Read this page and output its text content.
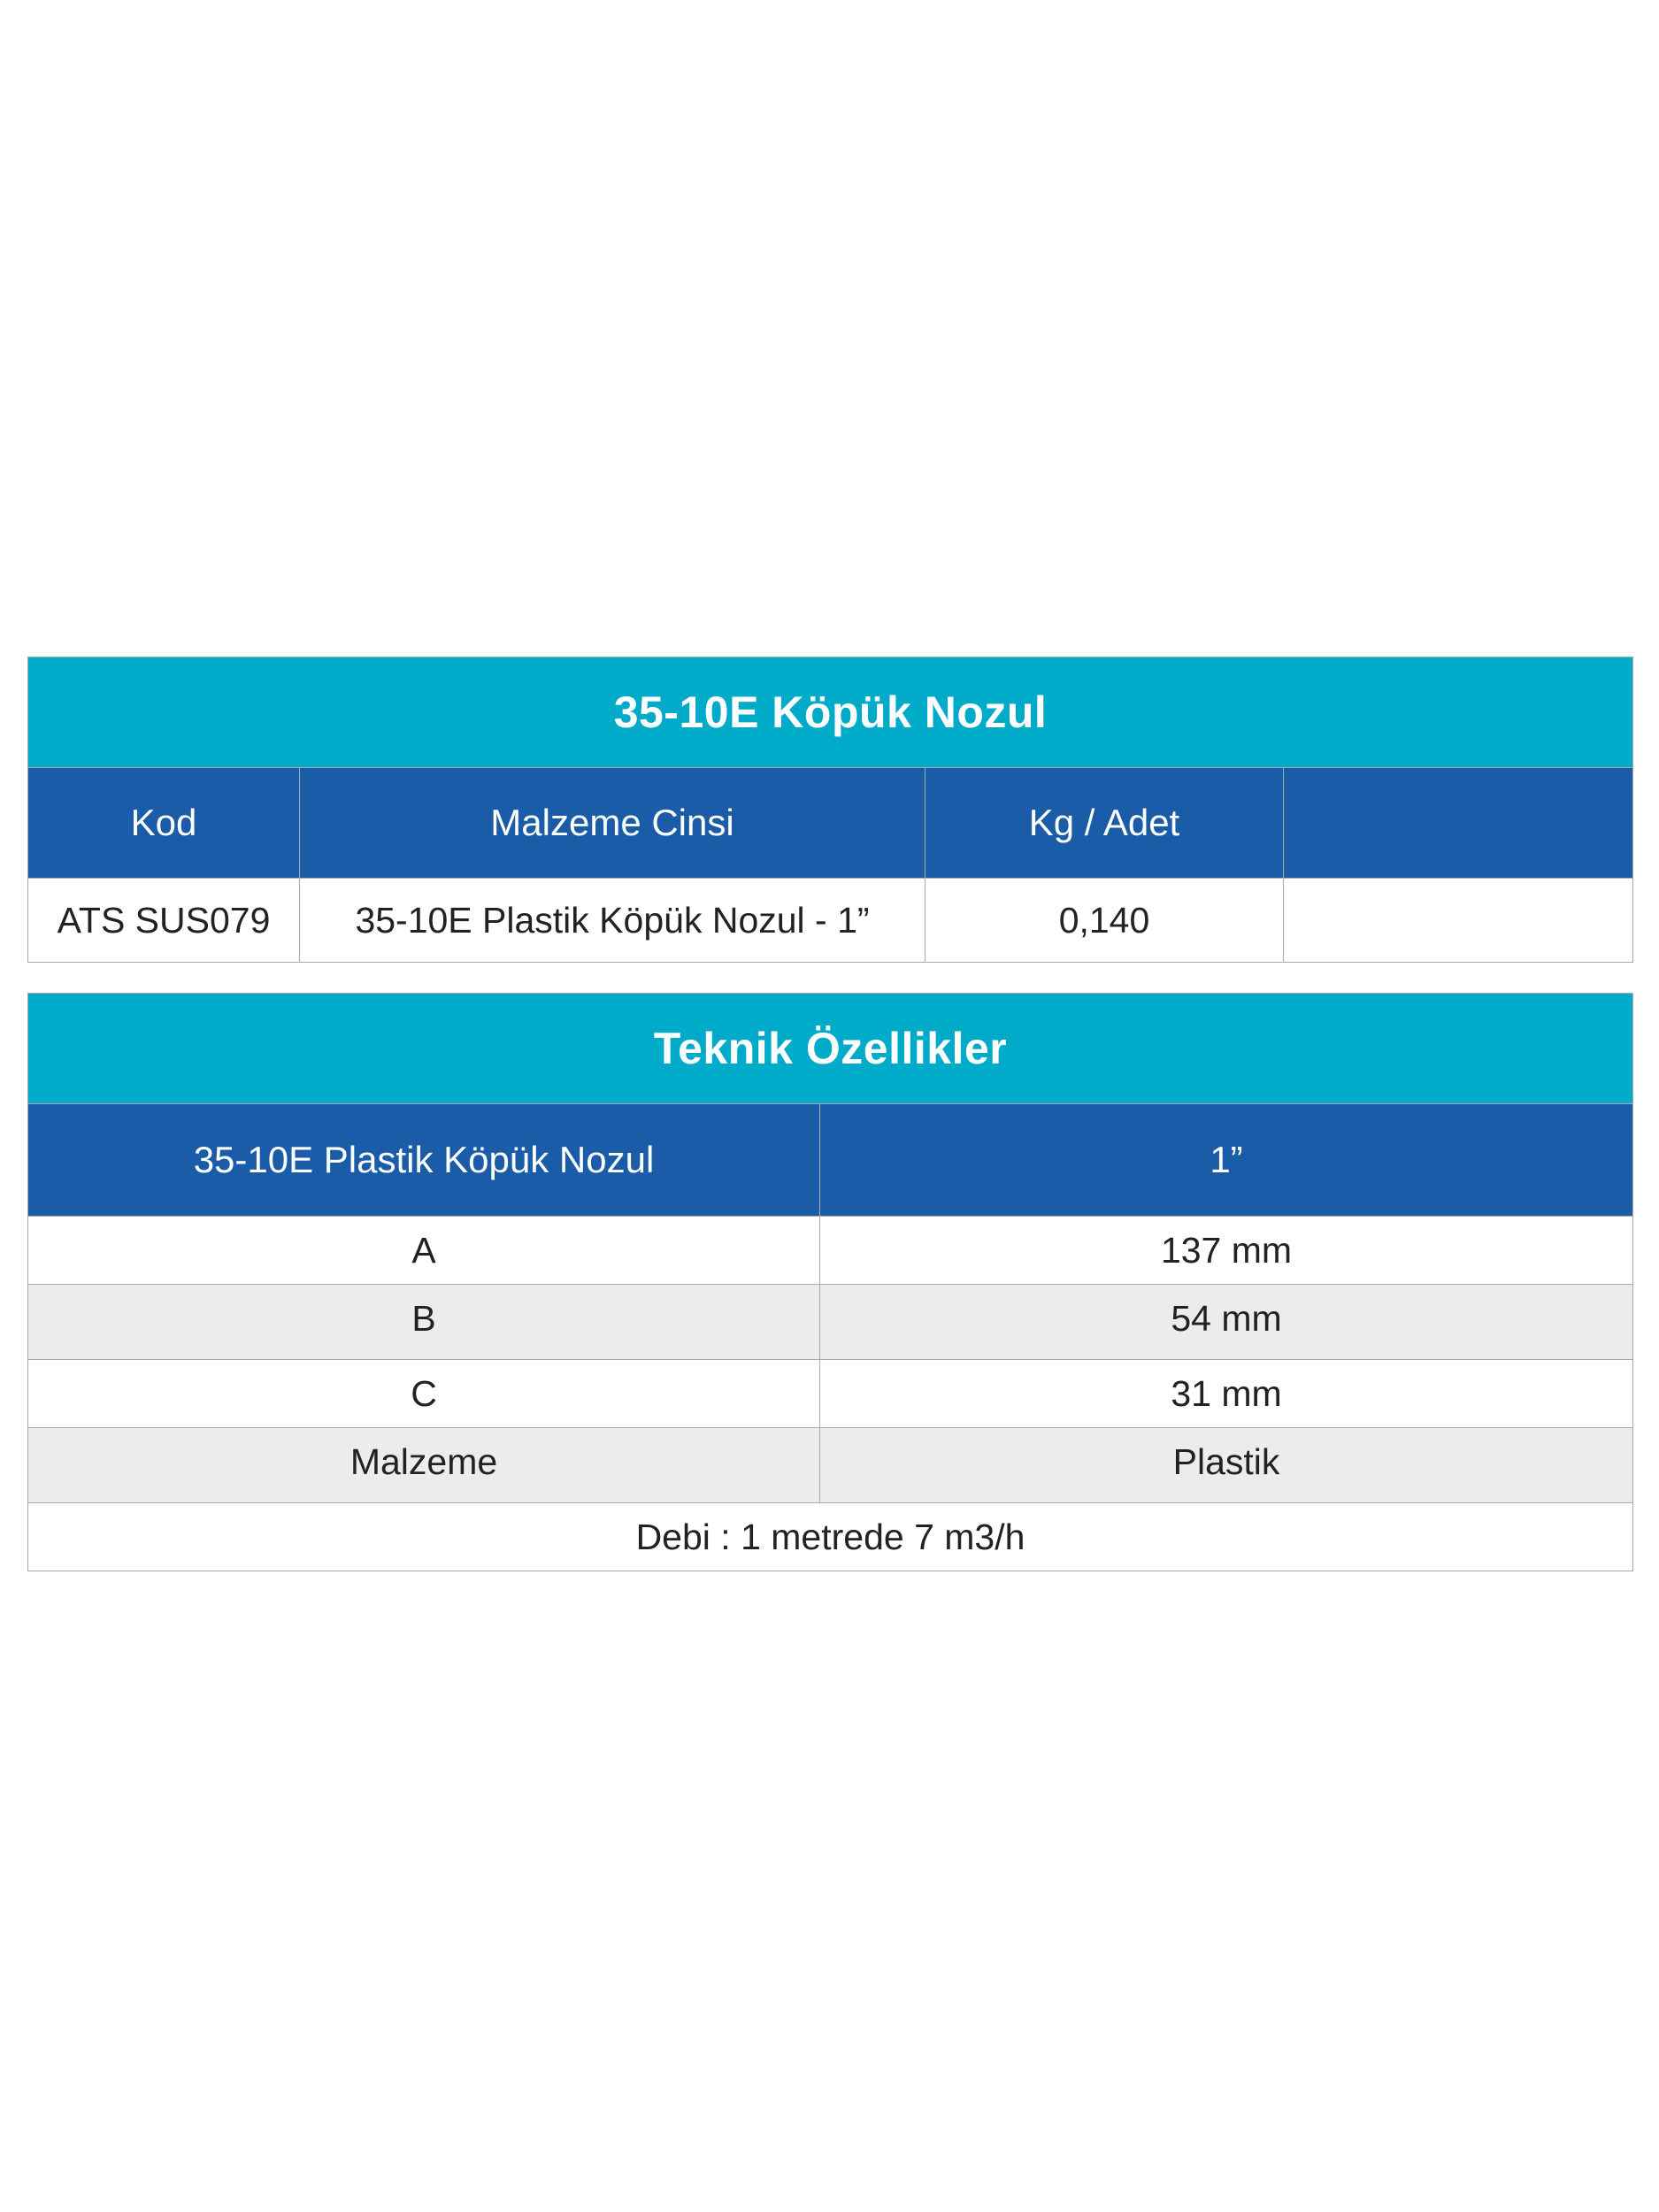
35-10E Köpük Nozul			
Kod	Malzeme Cinsi	Kg / Adet	
ATS SUS079	35-10E Plastik Köpük Nozul - 1”	0,140	
Teknik Özellikler	
35-10E Plastik Köpük Nozul	1”
A	137 mm
B	54 mm
C	31 mm
Malzeme	Plastik
Debi : 1 metrede 7 m3/h	
